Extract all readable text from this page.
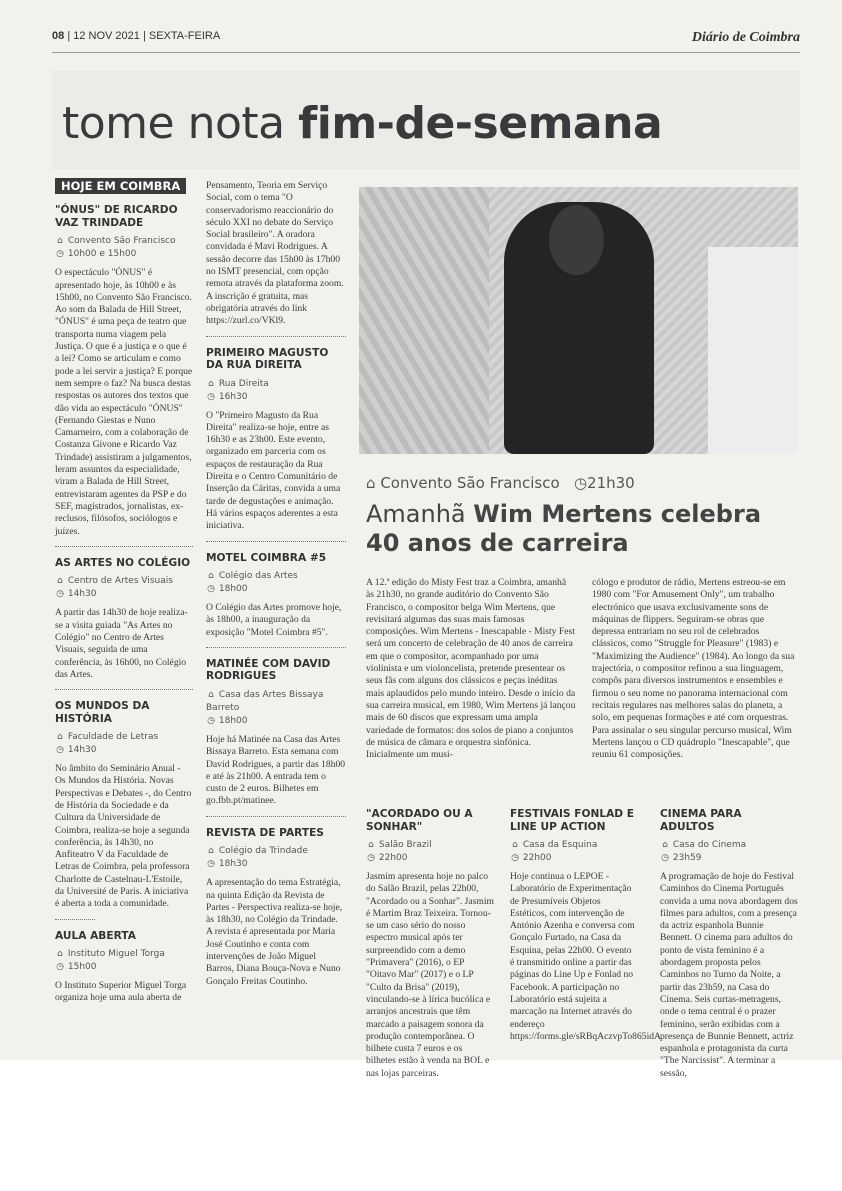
08 | 12 NOV 2021 | SEXTA-FEIRA	Diário de Coimbra
tome nota fim-de-semana
HOJE EM COIMBRA
"ÓNUS" DE RICARDO VAZ TRINDADE
⌂ Convento São Francisco
◷ 10h00 e 15h00

O espectáculo "ÓNUS" é apresentado hoje, às 10h00 e às 15h00, no Convento São Francisco. Ao som da Balada de Hill Street, "ÓNUS" é uma peça de teatro que transporta numa viagem pela Justiça. O que é a justiça e o que é a lei? Como se articulam e como pode a lei servir a justiça? E porque nem sempre o faz? Na busca destas respostas os autores dos textos que dão vida ao espectáculo "ÓNUS" (Fernando Giestas e Nuno Camarneiro, com a colaboração de Costanza Givone e Ricardo Vaz Trindade) assistiram a julgamentos, leram assuntos da especialidade, viram a Balada de Hill Street, entrevistaram agentes da PSP e do SEF, magistrados, jornalistas, ex-reclusos, filósofos, sociólogos e juízes.

AS ARTES NO COLÉGIO
⌂ Centro de Artes Visuais
◷ 14h30

A partir das 14h30 de hoje realiza-se a visita guiada "As Artes no Colégio" no Centro de Artes Visuais, seguida de uma conferência, às 16h00, no Colégio das Artes.

OS MUNDOS DA HISTÓRIA
⌂ Faculdade de Letras
◷ 14h30

No âmbito do Seminário Anual - Os Mundos da História. Novas Perspectivas e Debates -, do Centro de História da Sociedade e da Cultura da Universidade de Coimbra, realiza-se hoje a segunda conferência, às 14h30, no Anfiteatro V da Faculdade de Letras de Coimbra, pela professora Charlotte de Castelnau-L'Estoile, da Université de Paris. A iniciativa é aberta a toda a comunidade.

AULA ABERTA
⌂ Instituto Miguel Torga
◷ 15h00

O Instituto Superior Miguel Torga organiza hoje uma aula aberta de

Pensamento, Teoria em Serviço Social, com o tema "O conservadorismo reaccionário do século XXI no debate do Serviço Social brasileiro". A oradora convidada é Mavi Rodrigues. A sessão decorre das 15h00 às 17h00 no ISMT presencial, com opção remota através da plataforma zoom. A inscrição é gratuita, mas obrigatória através do link https://zurl.co/VKl9.

PRIMEIRO MAGUSTO DA RUA DIREITA
⌂ Rua Direita
◷ 16h30

O "Primeiro Magusto da Rua Direita" realiza-se hoje, entre as 16h30 e as 23h00. Este evento, organizado em parceria com os espaços de restauração da Rua Direita e o Centro Comunitário de Inserção da Cáritas, convida a uma tarde de degustações e animação. Há vários espaços aderentes a esta iniciativa.

MOTEL COIMBRA #5
⌂ Colégio das Artes
◷ 18h00

O Colégio das Artes promove hoje, às 18h00, a inauguração da exposição "Motel Coimbra #5".

MATINÉE COM DAVID RODRIGUES
⌂ Casa das Artes Bissaya Barreto
◷ 18h00

Hoje há Matinée na Casa das Artes Bissaya Barreto. Esta semana com David Rodrigues, a partir das 18h00 e até às 21h00. A entrada tem o custo de 2 euros. Bilhetes em go.fbb.pt/matinee.

REVISTA DE PARTES
⌂ Colégio da Trindade
◷ 18h30

A apresentação do tema Estratégia, na quinta Edição da Revista de Partes - Perspectiva realiza-se hoje, às 18h30, no Colégio da Trindade. A revista é apresentada por Maria José Coutinho e conta com intervenções de João Miguel Barros, Diana Bouça-Nova e Nuno Gonçalo Freitas Coutinho.

⌂ Convento São Francisco ◷21h30
Amanhã Wim Mertens celebra 40 anos de carreira

A 12.ª edição do Misty Fest traz a Coimbra, amanhã às 21h30, no grande auditório do Convento São Francisco, o compositor belga Wim Mertens, que revisitará algumas das suas mais famosas composições. Wim Mertens - Inescapable - Misty Fest será um concerto de celebração de 40 anos de carreira em que o compositor, acompanhado por uma violinista e um violoncelista, pretende presentear os seus fãs com alguns dos clássicos e peças inéditas mais aplaudidos pelo mundo inteiro. Desde o início da sua carreira musical, em 1980, Wim Mertens já lançou mais de 60 discos que expressam uma ampla variedade de formatos: dos solos de piano a conjuntos de música de câmara e orquestra sinfónica. Inicialmente um musi-

cólogo e produtor de rádio, Mertens estreou-se em 1980 com "For Amusement Only", um trabalho electrónico que usava exclusivamente sons de máquinas de flippers. Seguiram-se obras que depressa entrariam no seu rol de celebrados clássicos, como "Struggle for Pleasure" (1983) e "Maximizing the Audience" (1984). Ao longo da sua trajectória, o compositor refinou a sua linguagem, compôs para diversos instrumentos e ensembles e firmou o seu nome no panorama internacional com recitais regulares nas melhores salas do planeta, a solo, em pequenas formações e até com orquestras. Para assinalar o seu singular percurso musical, Wim Mertens lançou o CD quádruplo "Inescapable", que reuniu 61 composições.

"ACORDADO OU A SONHAR"
⌂ Salão Brazil
◷ 22h00

Jasmim apresenta hoje no palco do Salão Brazil, pelas 22h00, "Acordado ou a Sonhar". Jasmim é Martim Braz Teixeira. Tornou-se um caso sério do nosso espectro musical após ter surpreendido com a demo "Primavera" (2016), o EP "Oitavo Mar" (2017) e o LP "Culto da Brisa" (2019), vinculando-se à lírica bucólica e arranjos ancestrais que têm marcado a paisagem sonora da produção contemporânea. O bilhete custa 7 euros e os bilhetes estão à venda na BOL e nas lojas parceiras.

FESTIVAIS FONLAD E LINE UP ACTION
⌂ Casa da Esquina
◷ 22h00

Hoje continua o LEPOE - Laboratório de Experimentação de Presumíveis Objetos Estéticos, com intervenção de António Azenha e conversa com Gonçalo Furtado, na Casa da Esquina, pelas 22h00. O evento é transmitido online a partir das páginas do Line Up e Fonlad no Facebook. A participação no Laboratório está sujeita a marcação na Internet através do endereço https://forms.gle/sRBqAczvpTo865idA

CINEMA PARA ADULTOS
⌂ Casa do Cinema
◷ 23h59

A programação de hoje do Festival Caminhos do Cinema Português convida a uma nova abordagem dos filmes para adultos, com a presença da actriz espanhola Bunnie Bennett. O cinema para adultos do ponto de vista feminino é a abordagem proposta pelos Caminhos no Turno da Noite, a partir das 23h59, na Casa do Cinema. Seis curtas-metragens, onde o tema central é o prazer feminino, serão exibidas com a presença de Bunnie Bennett, actriz espanhola e protagonista da curta "The Narcissist". A terminar a sessão,
